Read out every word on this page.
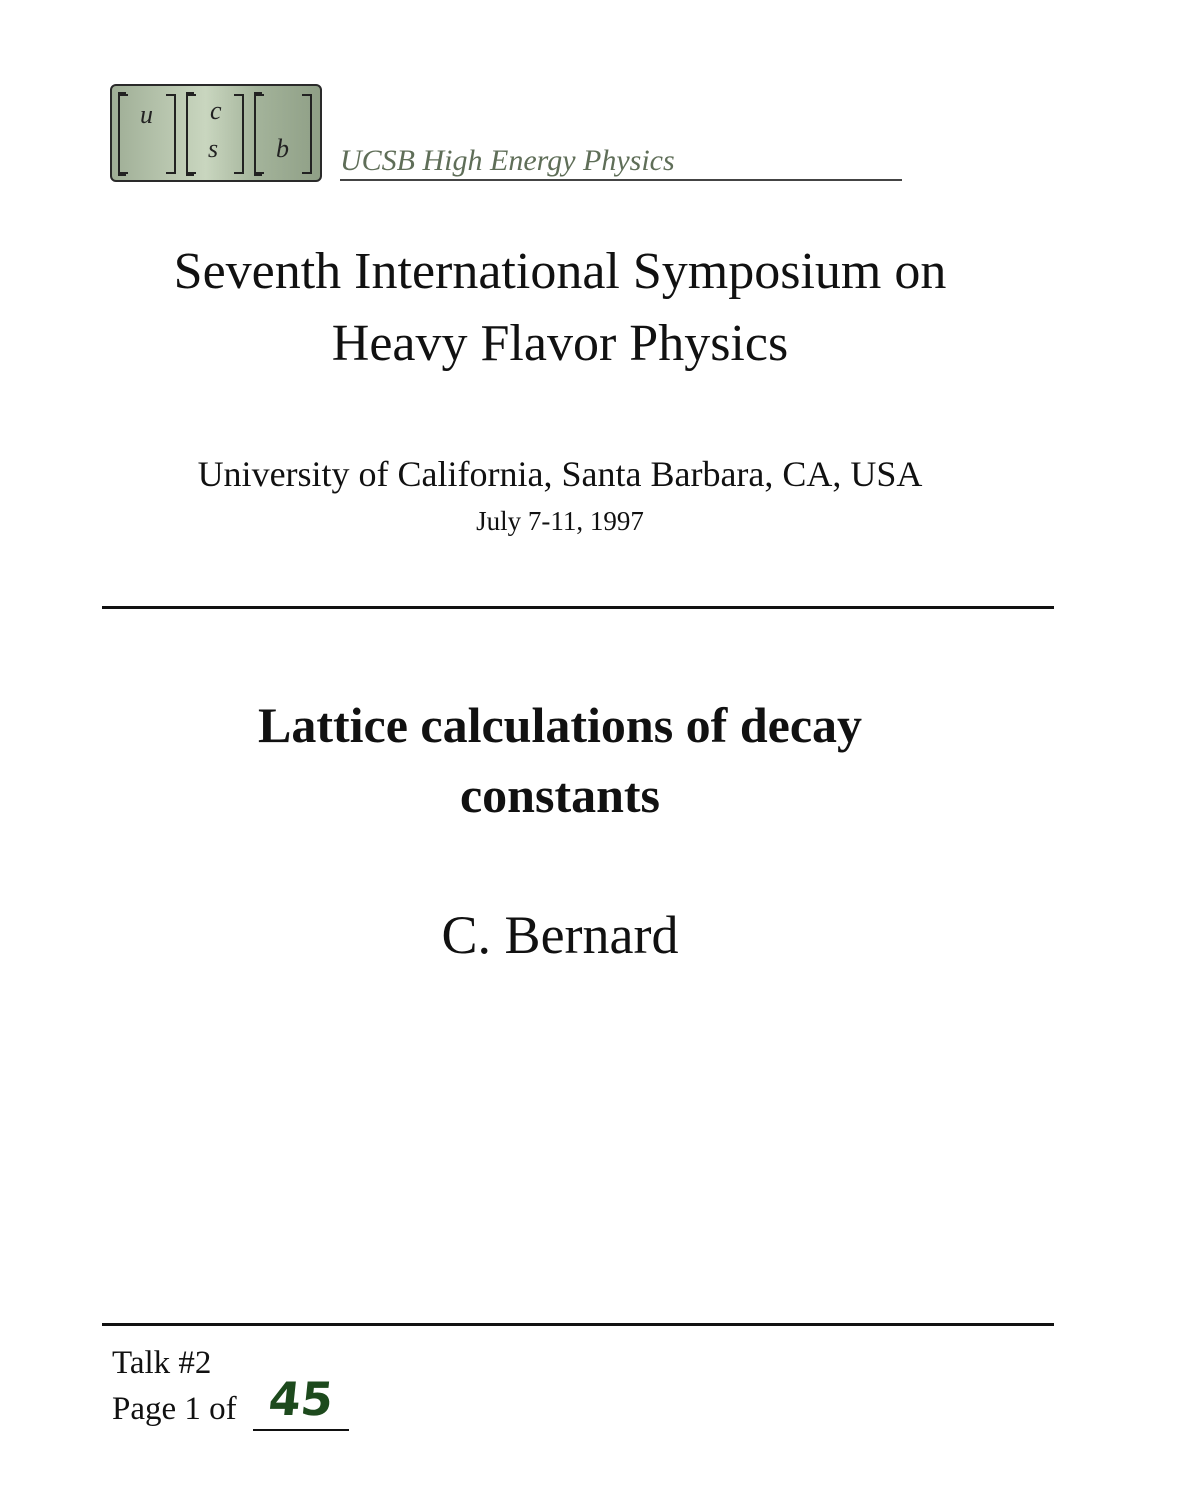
u c
s b UCSB High Energy Physics
Seventh International Symposium on
Heavy Flavor Physics
University of California, Santa Barbara, CA, USA
July 7-11, 1997
Lattice calculations of decay
constants
C. Bernard
Talk #2
Page 1 of 45
